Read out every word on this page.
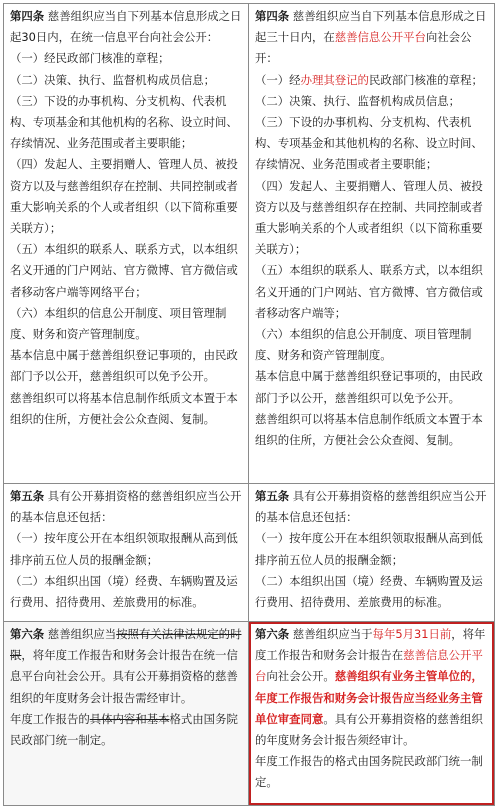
第四条 慈善组织应当自下列基本信息形成之日起30日内，在统一信息平台向社会公开：

（一）经民政部门核准的章程；

（二）决策、执行、监督机构成员信息；

（三）下设的办事机构、分支机构、代表机构、专项基金和其他机构的名称、设立时间、存续情况、业务范围或者主要职能；

（四）发起人、主要捐赠人、管理人员、被投资方以及与慈善组织存在控制、共同控制或者重大影响关系的个人或者组织（以下简称重要关联方）；

（五）本组织的联系人、联系方式，以本组织名义开通的门户网站、官方微博、官方微信或者移动客户端等网络平台；

（六）本组织的信息公开制度、项目管理制度、财务和资产管理制度。

基本信息中属于慈善组织登记事项的，由民政部门予以公开，慈善组织可以免予公开。

慈善组织可以将基本信息制作纸质文本置于本组织的住所，方便社会公众查阅、复制。

第四条 慈善组织应当自下列基本信息形成之日起三十日内，在慈善信息公开平台向社会公开：

（一）经办理其登记的民政部门核准的章程；

（二）决策、执行、监督机构成员信息；

（三）下设的办事机构、分支机构、代表机构、专项基金和其他机构的名称、设立时间、存续情况、业务范围或者主要职能；

（四）发起人、主要捐赠人、管理人员、被投资方以及与慈善组织存在控制、共同控制或者重大影响关系的个人或者组织（以下简称重要关联方）；

（五）本组织的联系人、联系方式，以本组织名义开通的门户网站、官方微博、官方微信或者移动客户端等；

（六）本组织的信息公开制度、项目管理制度、财务和资产管理制度。

基本信息中属于慈善组织登记事项的，由民政部门予以公开，慈善组织可以免予公开。

慈善组织可以将基本信息制作纸质文本置于本组织的住所，方便社会公众查阅、复制。

第五条 具有公开募捐资格的慈善组织应当公开的基本信息还包括：

（一）按年度公开在本组织领取报酬从高到低排序前五位人员的报酬金额；

（二）本组织出国（境）经费、车辆购置及运行费用、招待费用、差旅费用的标准。

第五条 具有公开募捐资格的慈善组织应当公开的基本信息还包括：

（一）按年度公开在本组织领取报酬从高到低排序前五位人员的报酬金额；

（二）本组织出国（境）经费、车辆购置及运行费用、招待费用、差旅费用的标准。

第六条 慈善组织应当按照有关法律法规定的时限，将年度工作报告和财务会计报告在统一信息平台向社会公开。具有公开募捐资格的慈善组织的年度财务会计报告需经审计。

年度工作报告的具体内容和基本格式由国务院民政部门统一制定。

第六条 慈善组织应当于每年5月31日前，将年度工作报告和财务会计报告在慈善信息公开平台向社会公开。慈善组织有业务主管单位的，年度工作报告和财务会计报告应当经业务主管单位审查同意。具有公开募捐资格的慈善组织的年度财务会计报告须经审计。

年度工作报告的格式由国务院民政部门统一制定。
